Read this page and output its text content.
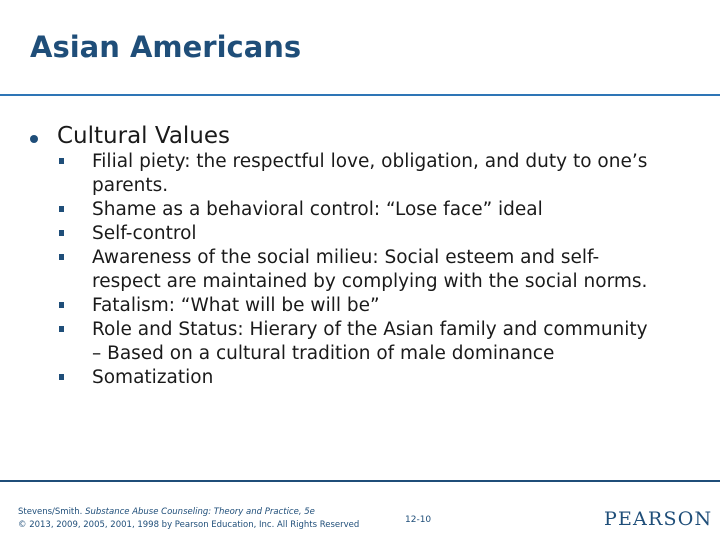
Asian Americans
Cultural Values
Filial piety: the respectful love, obligation, and duty to one’s parents.
Shame as a behavioral control: “Lose face” ideal
Self-control
Awareness of the social milieu: Social esteem and self-respect are maintained by complying with the social norms.
Fatalism: “What will be will be”
Role and Status: Hierary of the Asian family and community – Based on a cultural tradition of male dominance
Somatization
Stevens/Smith. Substance Abuse Counseling: Theory and Practice, 5e
© 2013, 2009, 2005, 2001, 1998 by Pearson Education, Inc. All Rights Reserved	12-10	PEARSON
